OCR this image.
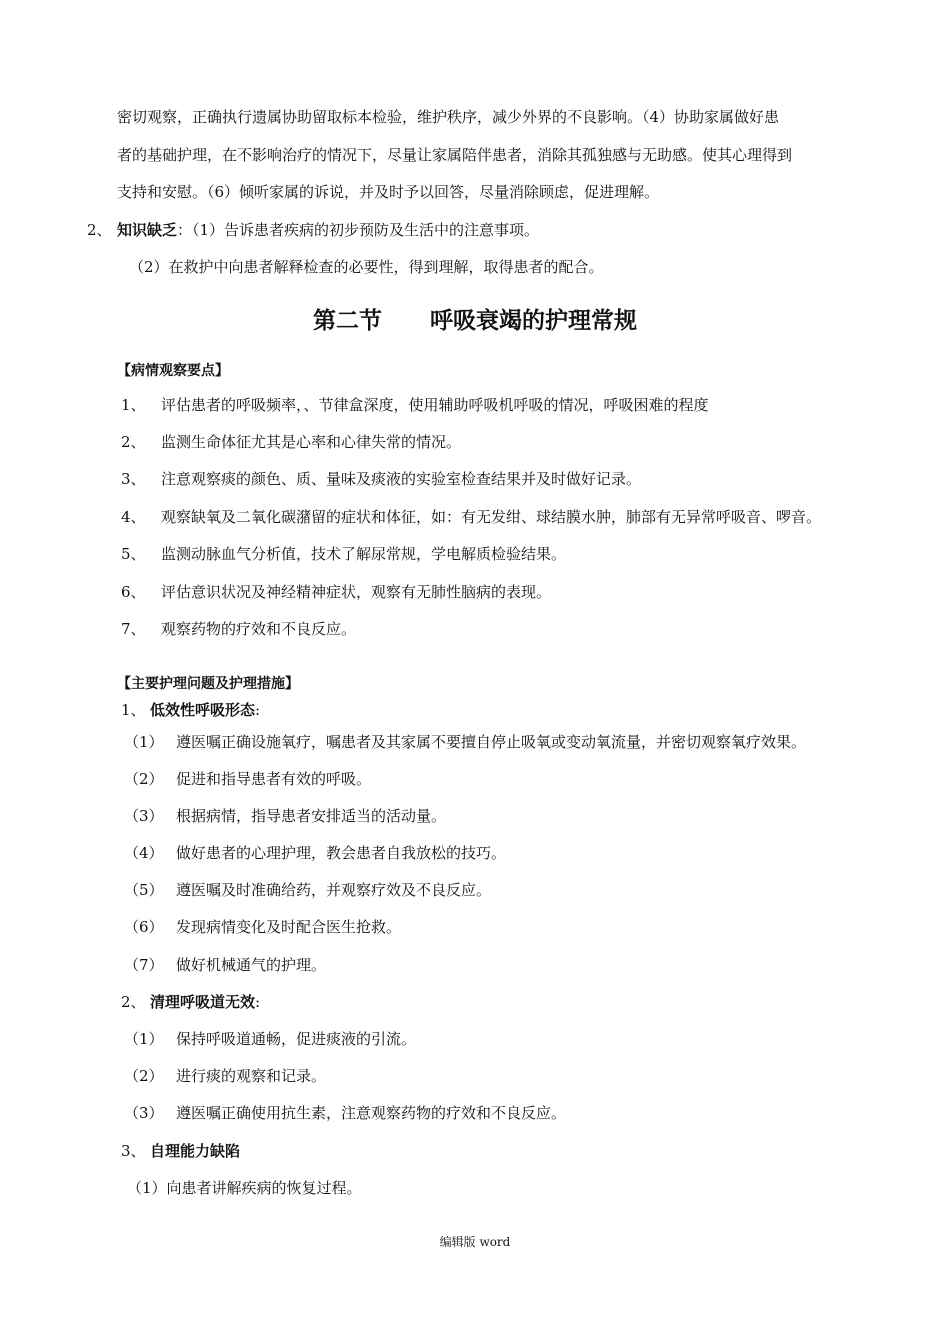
密切观察，正确执行遗属协助留取标本检验，维护秩序，减少外界的不良影响。（4）协助家属做好患
者的基础护理，在不影响治疗的情况下，尽量让家属陪伴患者，消除其孤独感与无助感。使其心理得到
支持和安慰。（6）倾听家属的诉说，并及时予以回答，尽量消除顾虑，促进理解。
2、 知识缺乏：（1）告诉患者疾病的初步预防及生活中的注意事项。
（2）在救护中向患者解释检查的必要性，得到理解，取得患者的配合。
第二节      呼吸衰竭的护理常规
【病情观察要点】
1、 评估患者的呼吸频率，、节律盒深度，使用辅助呼吸机呼吸的情况，呼吸困难的程度
2、 监测生命体征尤其是心率和心律失常的情况。
3、 注意观察痰的颜色、质、量味及痰液的实验室检查结果并及时做好记录。
4、 观察缺氧及二氧化碳潴留的症状和体征，如：有无发绀、球结膜水肿，肺部有无异常呼吸音、啰音。
5、 监测动脉血气分析值，技术了解尿常规，学电解质检验结果。
6、 评估意识状况及神经精神症状，观察有无肺性脑病的表现。
7、 观察药物的疗效和不良反应。
【主要护理问题及护理措施】
1、 低效性呼吸形态:
（1） 遵医嘱正确设施氧疗，嘱患者及其家属不要擅自停止吸氧或变动氧流量，并密切观察氧疗效果。
（2） 促进和指导患者有效的呼吸。
（3） 根据病情，指导患者安排适当的活动量。
（4） 做好患者的心理护理，教会患者自我放松的技巧。
（5） 遵医嘱及时准确给药，并观察疗效及不良反应。
（6） 发现病情变化及时配合医生抢救。
（7） 做好机械通气的护理。
2、 清理呼吸道无效:
（1） 保持呼吸道通畅，促进痰液的引流。
（2） 进行痰的观察和记录。
（3） 遵医嘱正确使用抗生素，注意观察药物的疗效和不良反应。
3、 自理能力缺陷
（1）向患者讲解疾病的恢复过程。
编辑版 word
